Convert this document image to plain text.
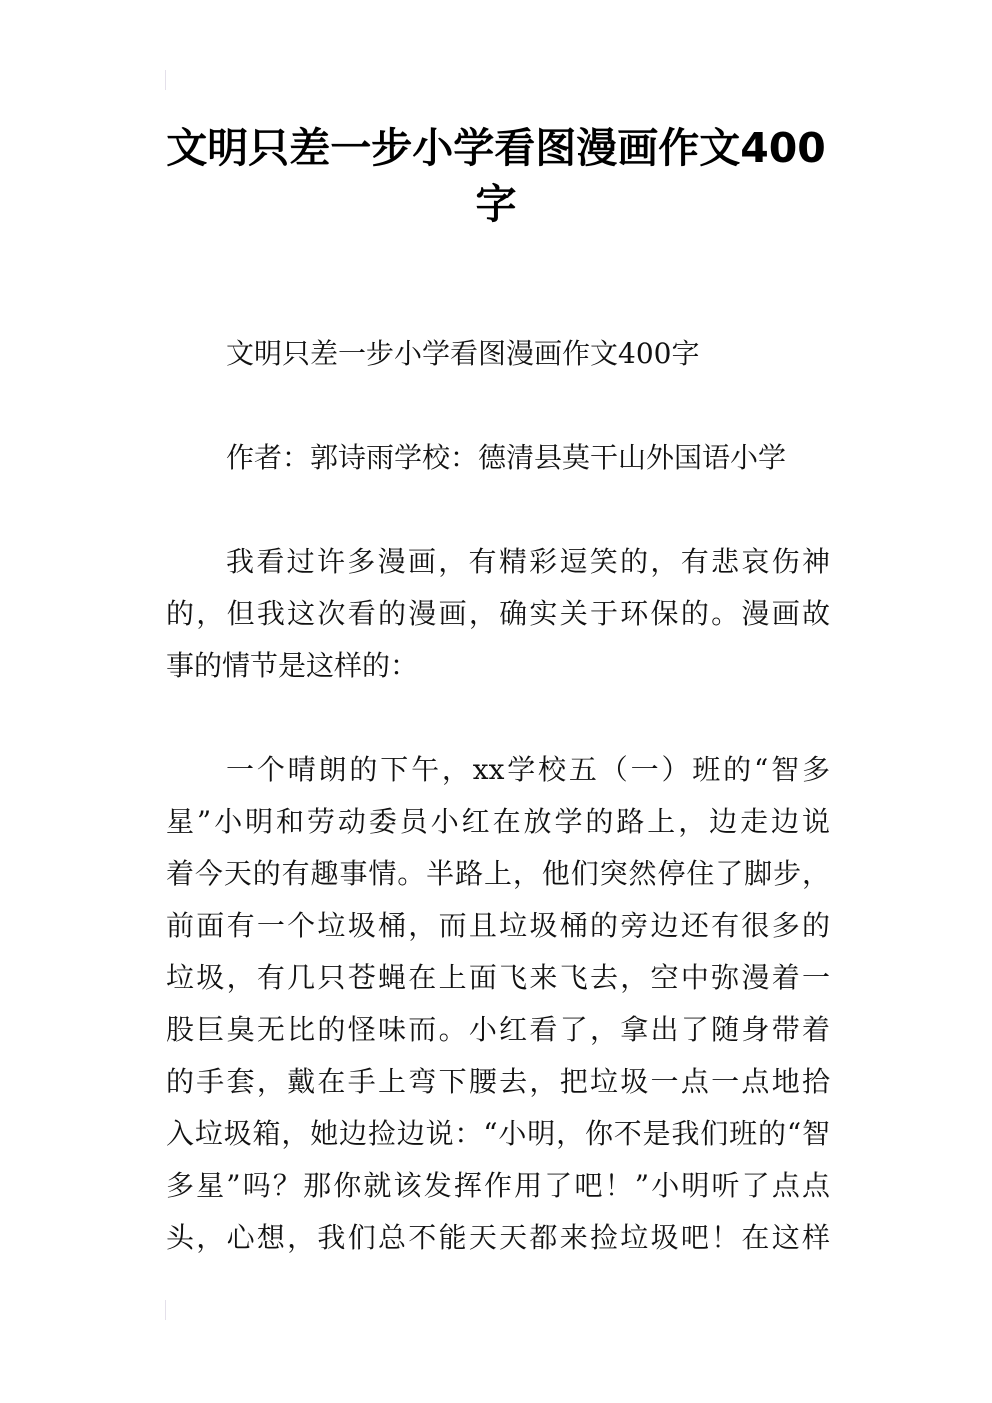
文明只差一步小学看图漫画作文400
字
文明只差一步小学看图漫画作文400字
作者：郭诗雨学校：德清县莫干山外国语小学
我看过许多漫画，有精彩逗笑的，有悲哀伤神
的，但我这次看的漫画，确实关于环保的。漫画故
事的情节是这样的：
一个晴朗的下午，xx学校五（一）班的“智多
星”小明和劳动委员小红在放学的路上，边走边说
着今天的有趣事情。半路上，他们突然停住了脚步，
前面有一个垃圾桶，而且垃圾桶的旁边还有很多的
垃圾，有几只苍蝇在上面飞来飞去，空中弥漫着一
股巨臭无比的怪味而。小红看了，拿出了随身带着
的手套，戴在手上弯下腰去，把垃圾一点一点地拾
入垃圾箱，她边捡边说：“小明，你不是我们班的“智
多星”吗？那你就该发挥作用了吧！”小明听了点点
头，心想，我们总不能天天都来捡垃圾吧！在这样
